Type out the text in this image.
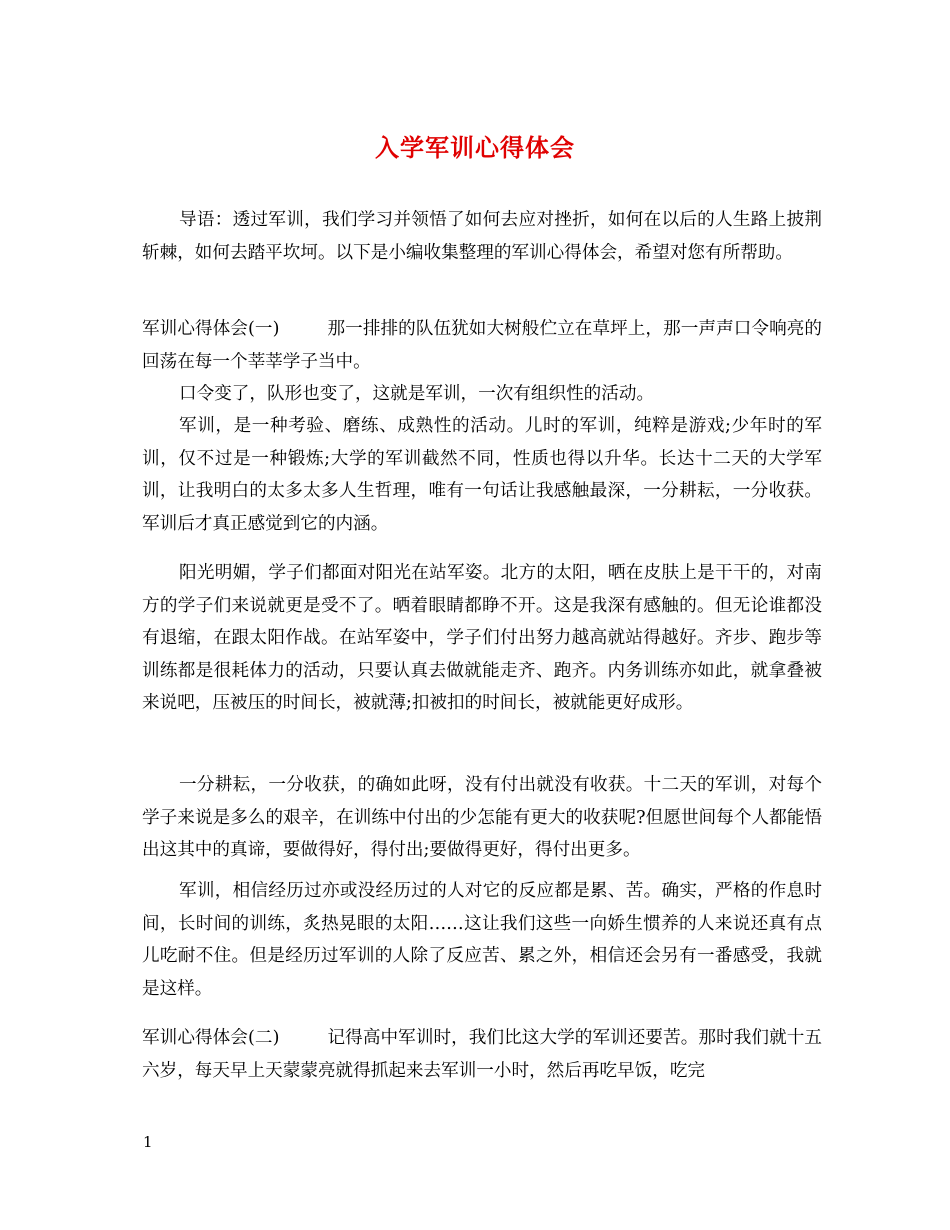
入学军训心得体会

导语：透过军训，我们学习并领悟了如何去应对挫折，如何在以后的人生路上披荆斩棘，如何去踏平坎坷。以下是小编收集整理的军训心得体会，希望对您有所帮助。

军训心得体会(一)	那一排排的队伍犹如大树般伫立在草坪上，那一声声口令响亮的回荡在每一个莘莘学子当中。

口令变了，队形也变了，这就是军训，一次有组织性的活动。

军训，是一种考验、磨练、成熟性的活动。儿时的军训，纯粹是游戏;少年时的军训，仅不过是一种锻炼;大学的军训截然不同，性质也得以升华。长达十二天的大学军训，让我明白的太多太多人生哲理，唯有一句话让我感触最深，一分耕耘，一分收获。军训后才真正感觉到它的内涵。

阳光明媚，学子们都面对阳光在站军姿。北方的太阳，晒在皮肤上是干干的，对南方的学子们来说就更是受不了。晒着眼睛都睁不开。这是我深有感触的。但无论谁都没有退缩，在跟太阳作战。在站军姿中，学子们付出努力越高就站得越好。齐步、跑步等训练都是很耗体力的活动，只要认真去做就能走齐、跑齐。内务训练亦如此，就拿叠被来说吧，压被压的时间长，被就薄;扣被扣的时间长，被就能更好成形。

一分耕耘，一分收获，的确如此呀，没有付出就没有收获。十二天的军训，对每个学子来说是多么的艰辛，在训练中付出的少怎能有更大的收获呢?但愿世间每个人都能悟出这其中的真谛，要做得好，得付出;要做得更好，得付出更多。

军训，相信经历过亦或没经历过的人对它的反应都是累、苦。确实，严格的作息时间，长时间的训练，炙热晃眼的太阳……这让我们这些一向娇生惯养的人来说还真有点儿吃耐不住。但是经历过军训的人除了反应苦、累之外，相信还会另有一番感受，我就是这样。

军训心得体会(二)	记得高中军训时，我们比这大学的军训还要苦。那时我们就十五六岁，每天早上天蒙蒙亮就得抓起来去军训一小时，然后再吃早饭，吃完

1
